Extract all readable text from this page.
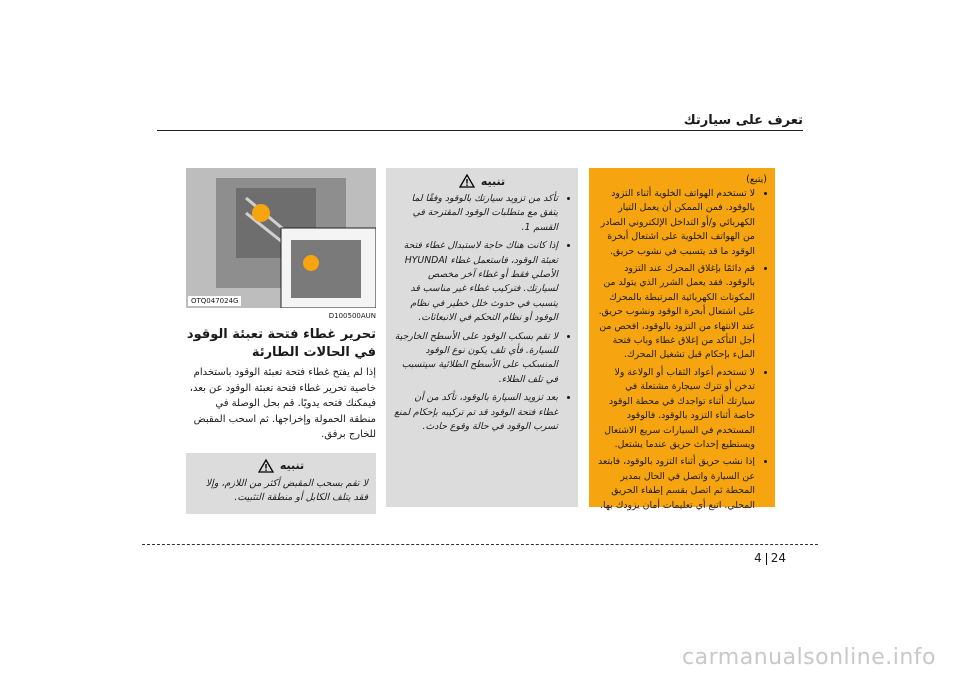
تعرف على سيارتك
OTQ047024G
D100500AUN
تحرير غطاء فتحة تعبئة الوقود في الحالات الطارئة
إذا لم يفتح غطاء فتحة تعبئة الوقود باستخدام خاصية تحرير غطاء فتحة تعبئة الوقود عن بعد، فيمكنك فتحه يدويًا. قم بحل الوصلة في منطقة الحمولة وإخراجها. ثم اسحب المقبض للخارج برفق.
تنبيه
لا تقم بسحب المقبض أكثر من اللازم، وإلا فقد يتلف الكابل أو منطقة التثبيت.
تنبيه
• تأكد من تزويد سيارتك بالوقود وفقًا لما يتفق مع متطلبات الوقود المقترحة في القسم 1.
• إذا كانت هناك حاجة لاستبدال غطاء فتحة تعبئة الوقود، فاستعمل غطاء HYUNDAI الأصلي فقط أو غطاء آخر مخصص لسيارتك. فتركيب غطاء غير مناسب قد يتسبب في حدوث خلل خطير في نظام الوقود أو نظام التحكم في الانبعاثات.
• لا تقم بسكب الوقود على الأسطح الخارجية للسيارة. فأي تلف يكون نوع الوقود المنسكب على الأسطح الطلائية سيتسبب في تلف الطلاء.
• بعد تزويد السيارة بالوقود، تأكد من أن غطاء فتحة الوقود قد تم تركيبه بإحكام لمنع تسرب الوقود في حالة وقوع حادث.
(يتبع)
• لا تستخدم الهواتف الخلوية أثناء التزود بالوقود. فمن الممكن أن يعمل التيار الكهربائي و/أو التداخل الإلكتروني الصادر من الهواتف الخلوية على اشتعال أبخرة الوقود ما قد يتسبب في نشوب حريق.
• قم دائمًا بإغلاق المحرك عند التزود بالوقود. فقد يعمل الشرر الذي يتولد من المكونات الكهربائية المرتبطة بالمحرك على اشتعال أبخرة الوقود ونشوب حريق. عند الانتهاء من التزود بالوقود، افحص من أجل التأكد من إغلاق غطاء وباب فتحة الملء بإحكام قبل تشغيل المحرك.
• لا تستخدم أعواد الثقاب أو الولاعة ولا تدخن أو تترك سيجارة مشتعلة في سيارتك أثناء تواجدك في محطة الوقود خاصة أثناء التزود بالوقود. فالوقود المستخدم في السيارات سريع الاشتعال ويستطيع إحداث حريق عندما يشتعل.
• إذا نشب حريق أثناء التزود بالوقود، فابتعد عن السيارة واتصل في الحال بمدير المحطة ثم اتصل بقسم إطفاء الحريق المحلي. اتبع أي تعليمات أمان يزودك بها.
4 24
carmanualsonline.info
